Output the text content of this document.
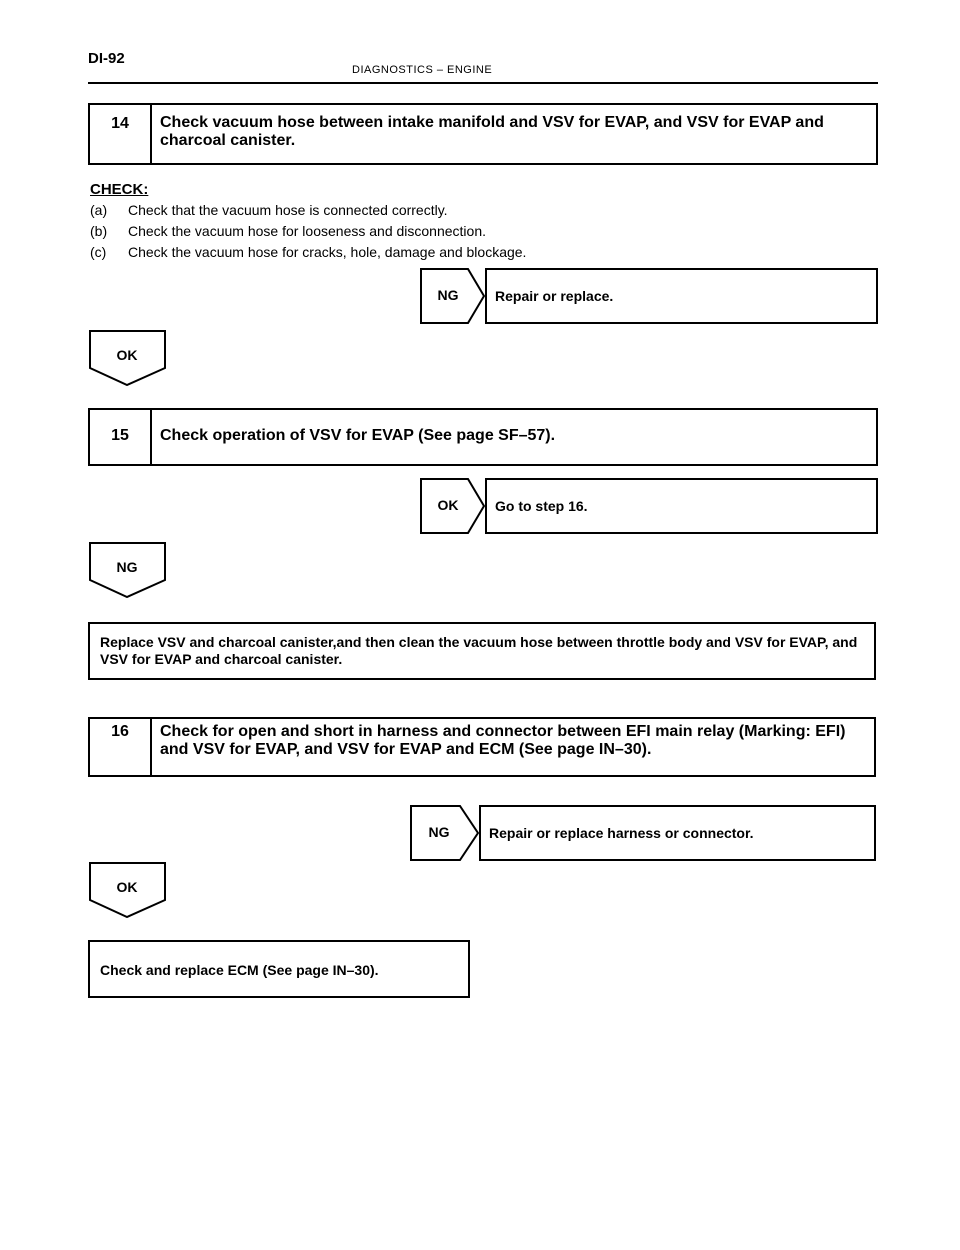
DI-92
DIAGNOSTICS – ENGINE
14	Check vacuum hose between intake manifold and VSV for EVAP, and VSV for EVAP and charcoal canister.
CHECK:
(a)	Check that the vacuum hose is connected correctly.
(b)	Check the vacuum hose for looseness and disconnection.
(c)	Check the vacuum hose for cracks, hole, damage and blockage.
NG	Repair or replace.
OK
15	Check operation of VSV for EVAP (See page SF–57).
OK	Go to step 16.
NG
Replace VSV and charcoal canister,and then clean the vacuum hose between throttle body and VSV for EVAP, and VSV for EVAP and charcoal canister.
16	Check for open and short in harness and connector between EFI main relay (Marking: EFI) and VSV for EVAP, and VSV for EVAP and ECM (See page IN–30).
NG	Repair or replace harness or connector.
OK
Check and replace ECM (See page IN–30).
